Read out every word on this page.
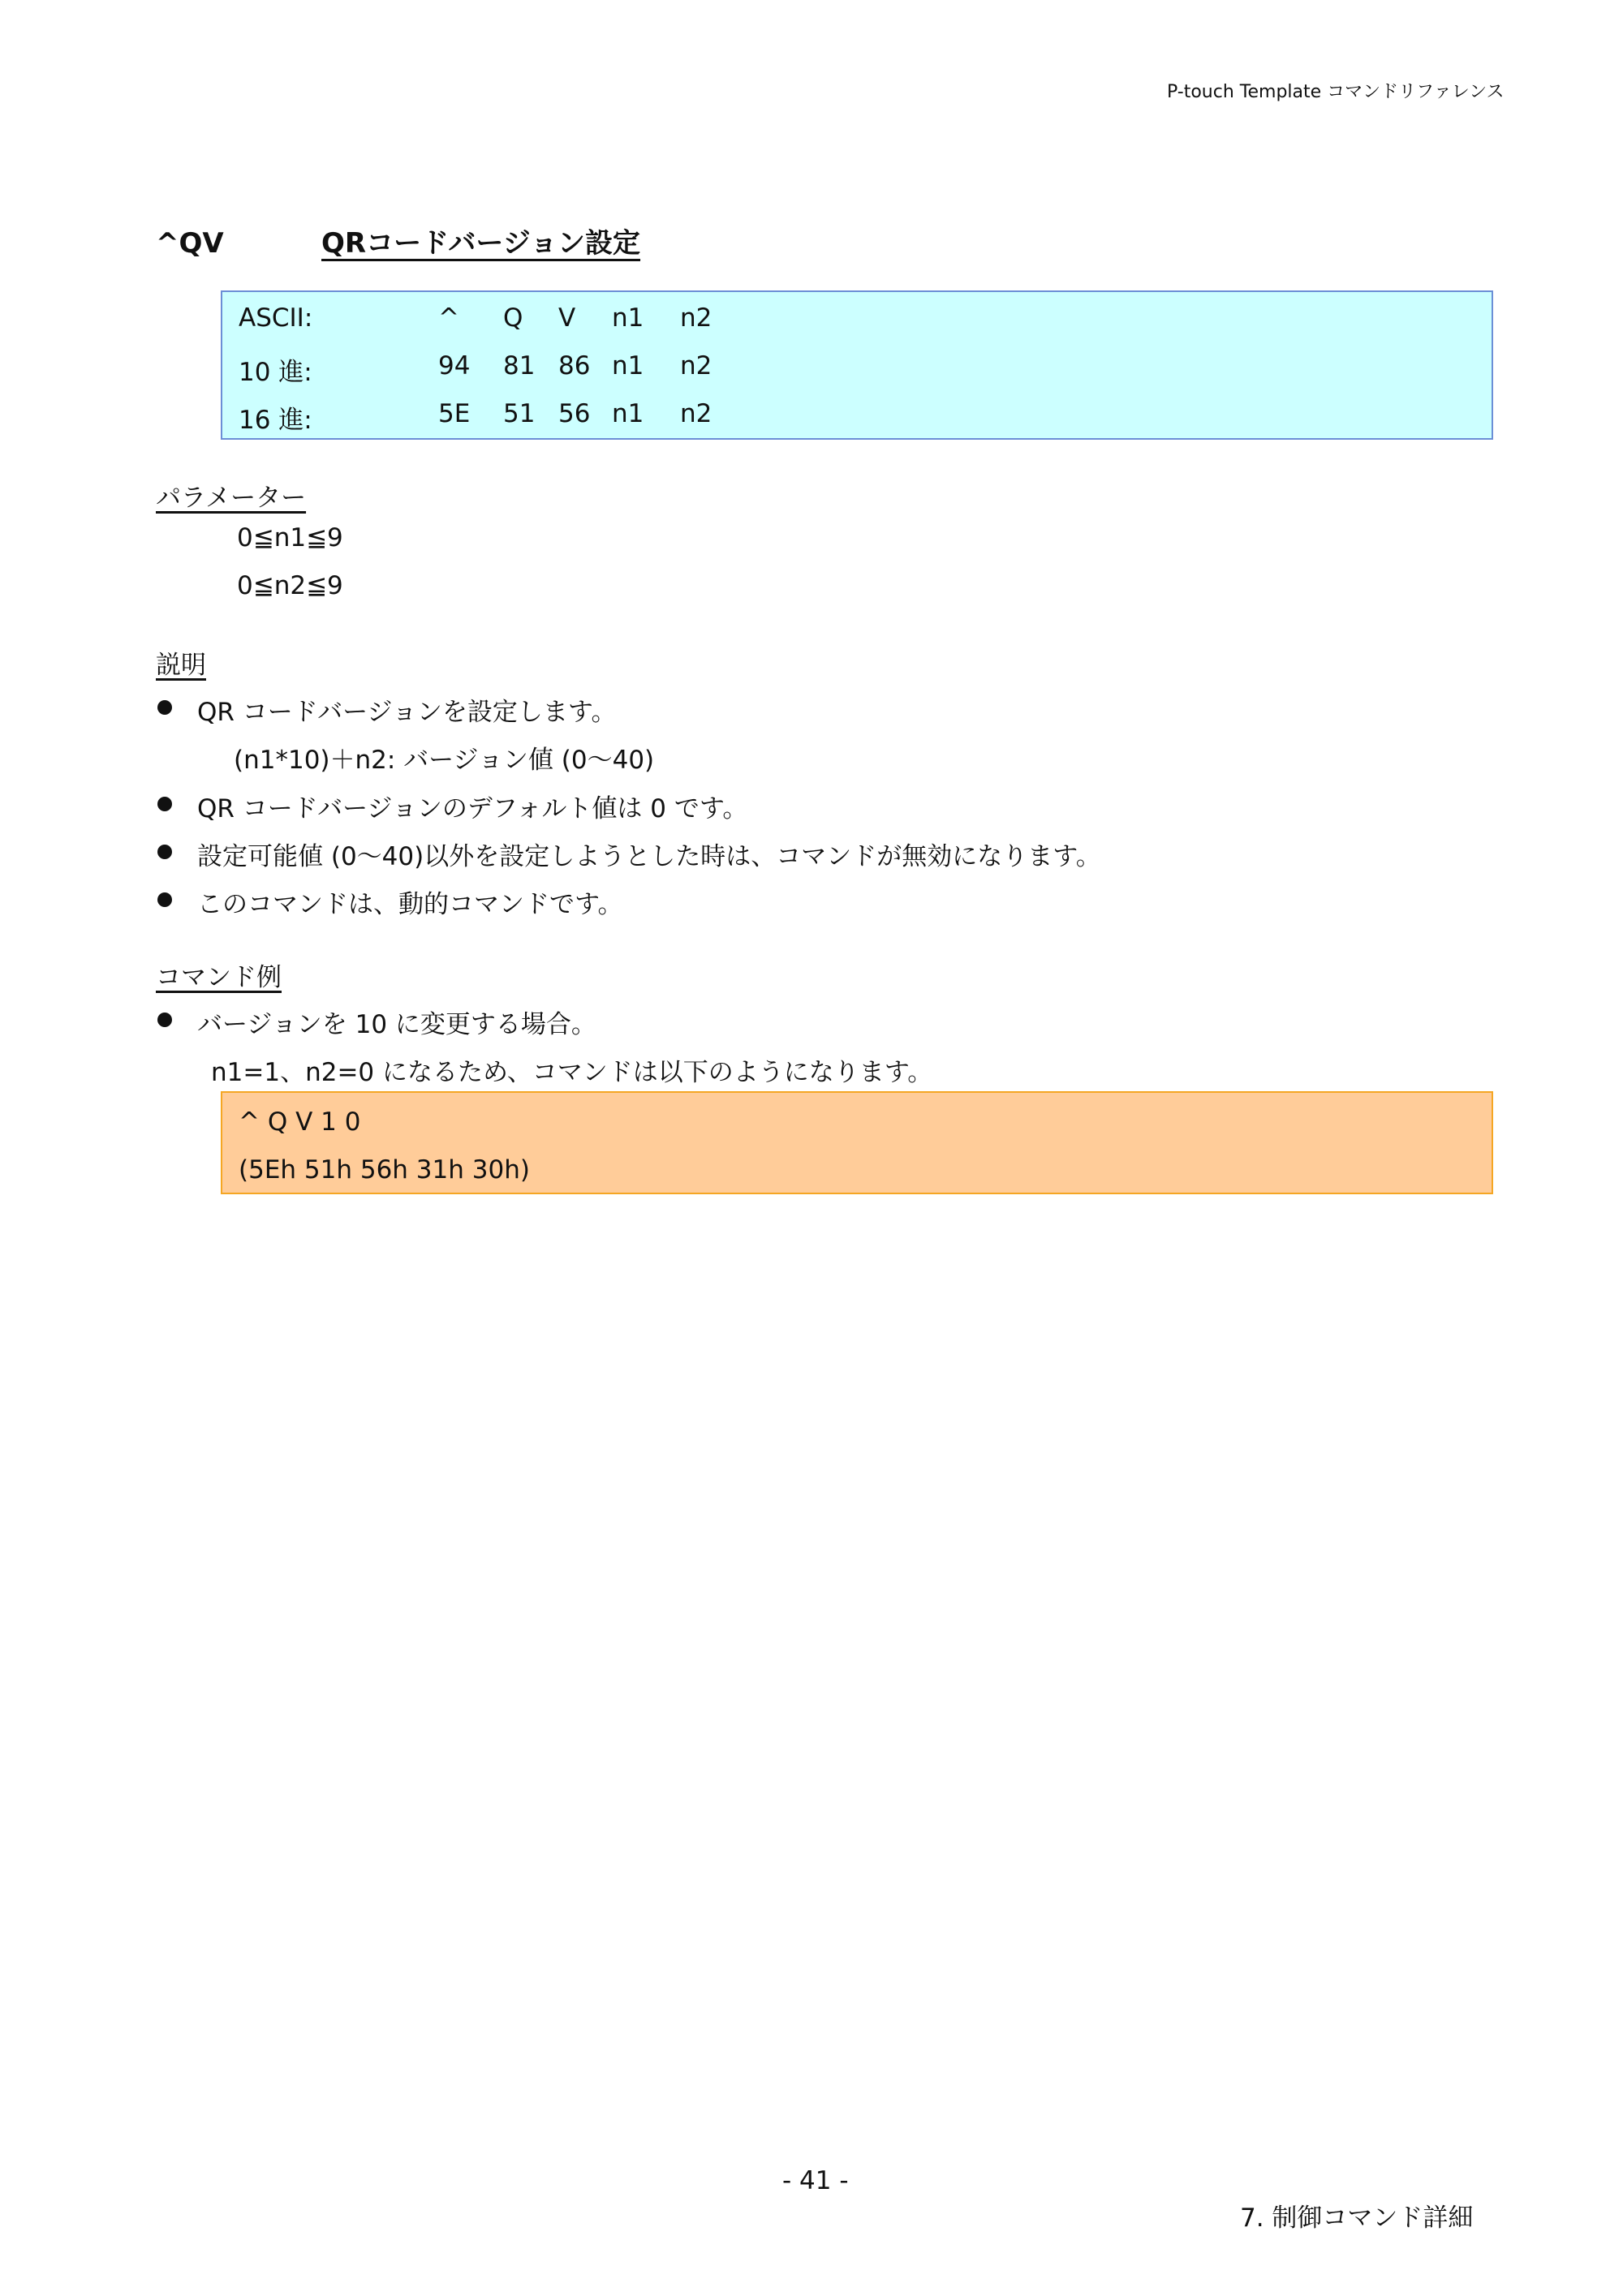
P-touch Template コマンドリファレンス
^QV	QRコードバージョン設定
ASCII:	^ Q V n1 n2
10 進:	94 81 86 n1 n2
16 進:	5E 51 56 n1 n2
パラメーター
0≦n1≦9
0≦n2≦9
説明
QR コードバージョンを設定します。
(n1*10)＋n2: バージョン値 (0～40)
QR コードバージョンのデフォルト値は 0 です。
設定可能値 (0～40)以外を設定しようとした時は、コマンドが無効になります。
このコマンドは、動的コマンドです。
コマンド例
バージョンを 10 に変更する場合。
n1=1、n2=0 になるため、コマンドは以下のようになります。
^ Q V 1 0
(5Eh 51h 56h 31h 30h)
- 41 -
7. 制御コマンド詳細
